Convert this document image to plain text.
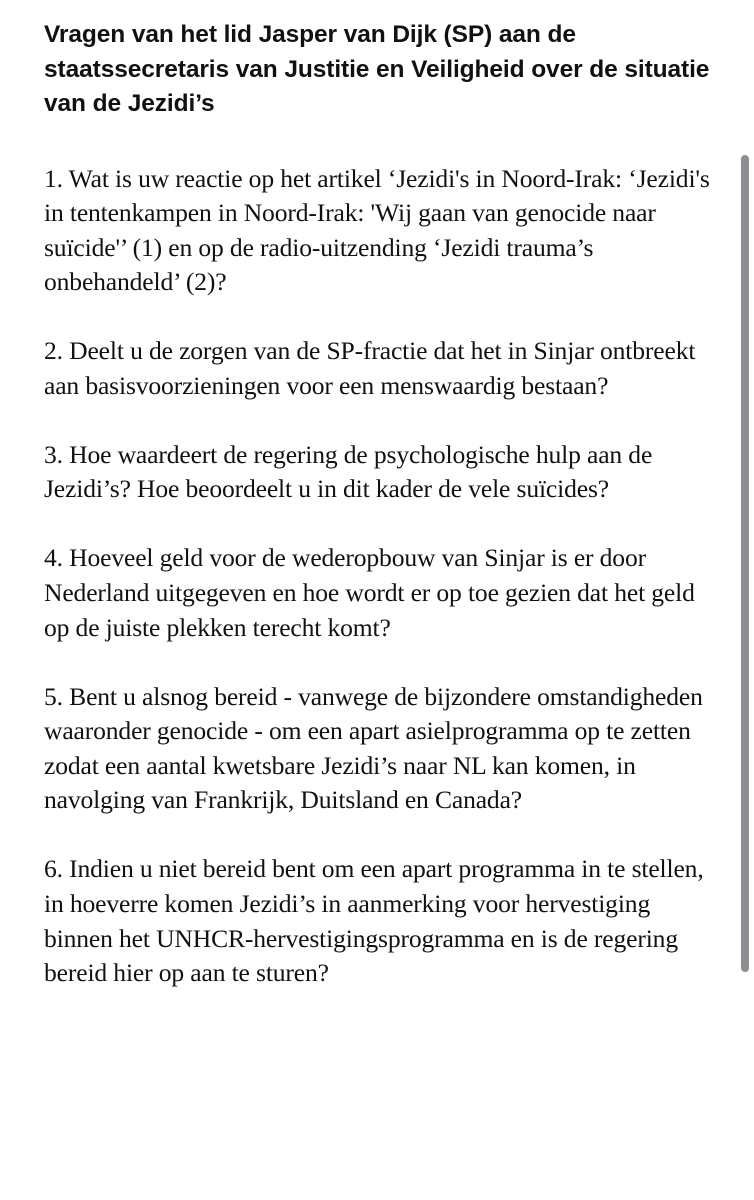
Vragen van het lid Jasper van Dijk (SP) aan de staatssecretaris van Justitie en Veiligheid over de situatie van de Jezidi’s
1. Wat is uw reactie op het artikel ‘Jezidi's in Noord-Irak: ‘Jezidi's in tentenkampen in Noord-Irak: 'Wij gaan van genocide naar suïcide'’ (1) en op de radio-uitzending ‘Jezidi trauma’s onbehandeld’ (2)?
2. Deelt u de zorgen van de SP-fractie dat het in Sinjar ontbreekt aan basisvoorzieningen voor een menswaardig bestaan?
3. Hoe waardeert de regering de psychologische hulp aan de Jezidi’s? Hoe beoordeelt u in dit kader de vele suïcides?
4. Hoeveel geld voor de wederopbouw van Sinjar is er door Nederland uitgegeven en hoe wordt er op toe gezien dat het geld op de juiste plekken terecht komt?
5. Bent u alsnog bereid - vanwege de bijzondere omstandigheden waaronder genocide - om een apart asielprogramma op te zetten zodat een aantal kwetsbare Jezidi’s naar NL kan komen, in navolging van Frankrijk, Duitsland en Canada?
6. Indien u niet bereid bent om een apart programma in te stellen, in hoeverre komen Jezidi’s in aanmerking voor hervestiging binnen het UNHCR-hervestigingsprogramma en is de regering bereid hier op aan te sturen?
